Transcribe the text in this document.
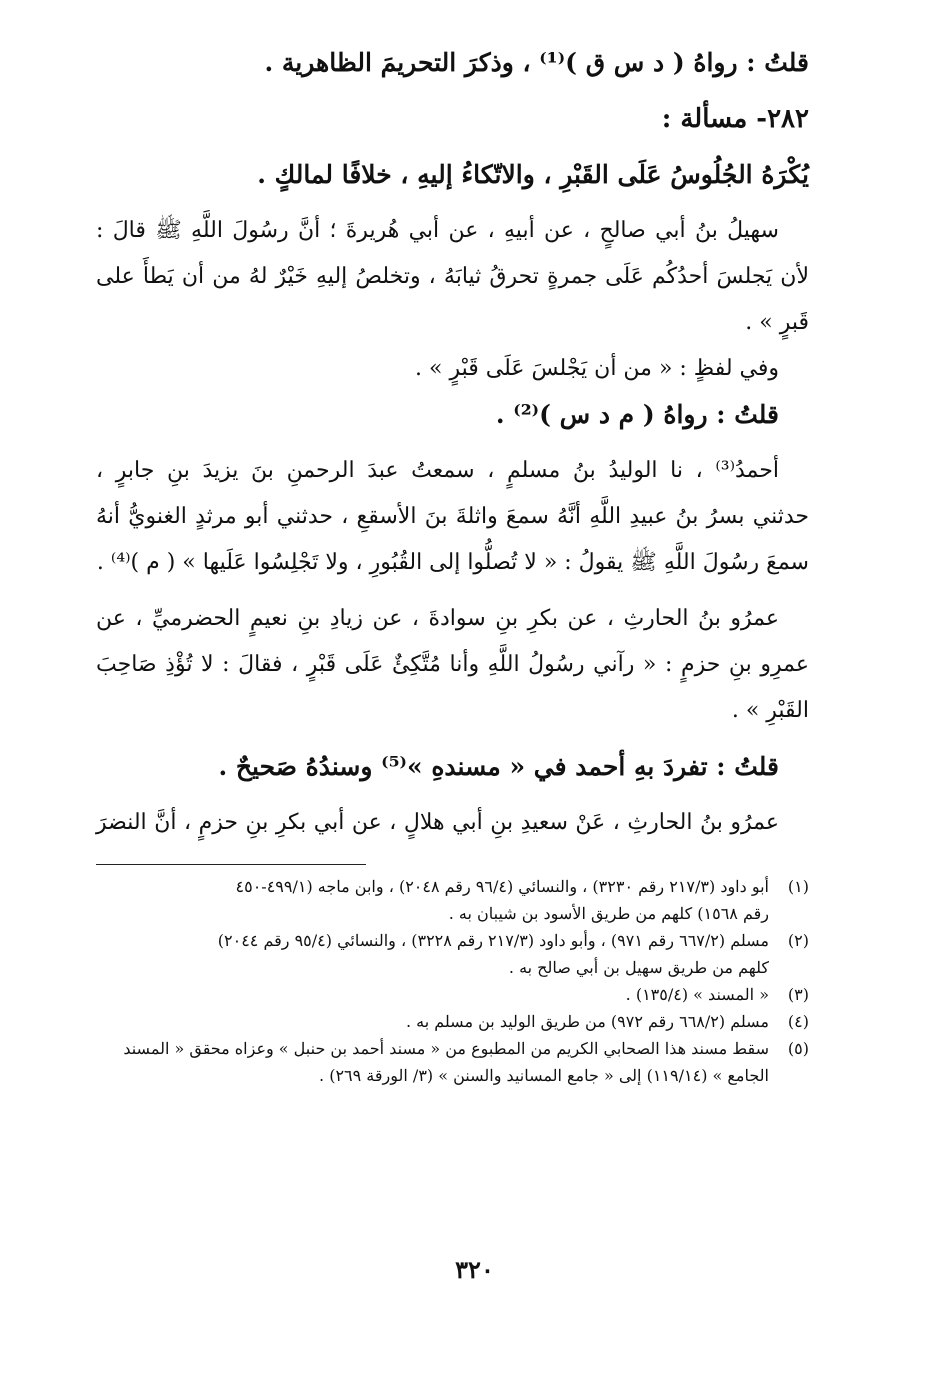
قلتُ : رواهُ ( د س ق )⁽¹⁾ ، وذكرَ التحريمَ الظاهرية .
٢٨٢- مسألة :
يُكْرَهُ الجُلُوسُ عَلَى القَبْرِ ، والاتّكاءُ إليهِ ، خلافًا لمالكٍ .
سهيلُ بنُ أبي صالحٍ ، عن أبيهِ ، عن أبي هُريرةَ ؛ أنَّ رسُولَ اللَّهِ ﷺ قالَ :
لأن يَجلسَ أحدُكُم عَلَى جمرةٍ تحرقُ ثيابَهُ ، وتخلصُ إليهِ خَيْرٌ لهُ من أن يَطأَ على
قَبرٍ » .
وفي لفظٍ : « من أن يَجْلسَ عَلَى قَبْرٍ » .
قلتُ : رواهُ ( م د س )⁽²⁾ .
أحمدُ⁽³⁾ ، نا الوليدُ بنُ مسلمٍ ، سمعتُ عبدَ الرحمنِ بنَ يزيدَ بنِ جابرٍ ،
حدثني بسرُ بنُ عبيدِ اللَّهِ أنَّهُ سمعَ واثلةَ بنَ الأسقعِ ، حدثني أبو مرثدٍ الغنويُّ أنهُ
سمعَ رسُولَ اللَّهِ ﷺ يقولُ : « لا تُصلُّوا إلى القُبُورِ ، ولا تَجْلِسُوا عَلَيها » ( م )⁽⁴⁾ .
عمرُو بنُ الحارثِ ، عن بكرِ بنِ سوادةَ ، عن زيادِ بنِ نعيمٍ الحضرميِّ ، عن
عمرِو بنِ حزمٍ : « رآني رسُولُ اللَّهِ وأنا مُتَّكِئٌ عَلَى قَبْرٍ ، فقالَ : لا تُؤْذِ صَاحِبَ
القَبْرِ » .
قلتُ : تفردَ بهِ أحمد في « مسندهِ »⁽⁵⁾ وسندُهُ صَحيحٌ .
عمرُو بنُ الحارثِ ، عَنْ سعيدِ بنِ أبي هلالٍ ، عن أبي بكرِ بنِ حزمٍ ، أنَّ النضرَ
(١)
أبو داود (٢١٧/٣ رقم ٣٢٣٠) ، والنسائي (٩٦/٤ رقم ٢٠٤٨) ، وابن ماجه (٤٩٩/١-٤٥٠
رقم ١٥٦٨) كلهم من طريق الأسود بن شيبان به .
(٢)
مسلم (٦٦٧/٢ رقم ٩٧١) ، وأبو داود (٢١٧/٣ رقم ٣٢٢٨) ، والنسائي (٩٥/٤ رقم ٢٠٤٤)
كلهم من طريق سهيل بن أبي صالح به .
(٣)
« المسند » (١٣٥/٤) .
(٤)
مسلم (٦٦٨/٢ رقم ٩٧٢) من طريق الوليد بن مسلم به .
(٥)
سقط مسند هذا الصحابي الكريم من المطبوع من « مسند أحمد بن حنبل » وعزاه محقق « المسند
الجامع » (١١٩/١٤) إلى « جامع المسانيد والسنن » (٣/ الورقة ٢٦٩) .
٣٢٠
